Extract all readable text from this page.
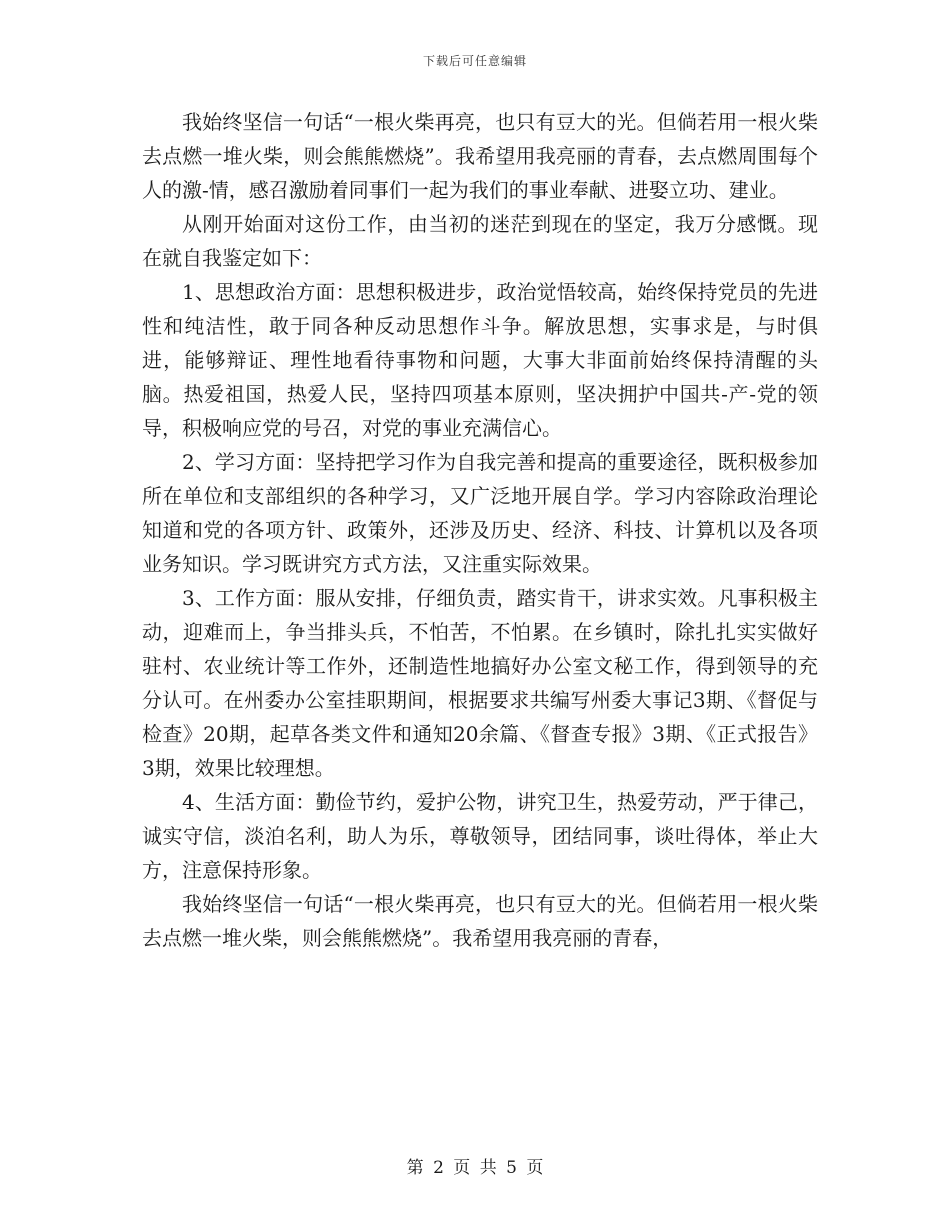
下载后可任意编辑

我始终坚信一句话“一根火柴再亮，也只有豆大的光。但倘若用一根火柴去点燃一堆火柴，则会熊熊燃烧”。我希望用我亮丽的青春，去点燃周围每个人的激-情，感召激励着同事们一起为我们的事业奉献、进娶立功、建业。

从刚开始面对这份工作，由当初的迷茫到现在的坚定，我万分感慨。现在就自我鉴定如下：

1、思想政治方面：思想积极进步，政治觉悟较高，始终保持党员的先进性和纯洁性，敢于同各种反动思想作斗争。解放思想，实事求是，与时俱进，能够辩证、理性地看待事物和问题，大事大非面前始终保持清醒的头脑。热爱祖国，热爱人民，坚持四项基本原则，坚决拥护中国共-产-党的领导，积极响应党的号召，对党的事业充满信心。

2、学习方面：坚持把学习作为自我完善和提高的重要途径，既积极参加所在单位和支部组织的各种学习，又广泛地开展自学。学习内容除政治理论知道和党的各项方针、政策外，还涉及历史、经济、科技、计算机以及各项业务知识。学习既讲究方式方法，又注重实际效果。

3、工作方面：服从安排，仔细负责，踏实肯干，讲求实效。凡事积极主动，迎难而上，争当排头兵，不怕苦，不怕累。在乡镇时，除扎扎实实做好驻村、农业统计等工作外，还制造性地搞好办公室文秘工作，得到领导的充分认可。在州委办公室挂职期间，根据要求共编写州委大事记3期、《督促与检查》20期，起草各类文件和通知20余篇、《督查专报》3期、《正式报告》3期，效果比较理想。

4、生活方面：勤俭节约，爱护公物，讲究卫生，热爱劳动，严于律己，诚实守信，淡泊名利，助人为乐，尊敬领导，团结同事，谈吐得体，举止大方，注意保持形象。

我始终坚信一句话“一根火柴再亮，也只有豆大的光。但倘若用一根火柴去点燃一堆火柴，则会熊熊燃烧”。我希望用我亮丽的青春，

第 2 页 共 5 页
